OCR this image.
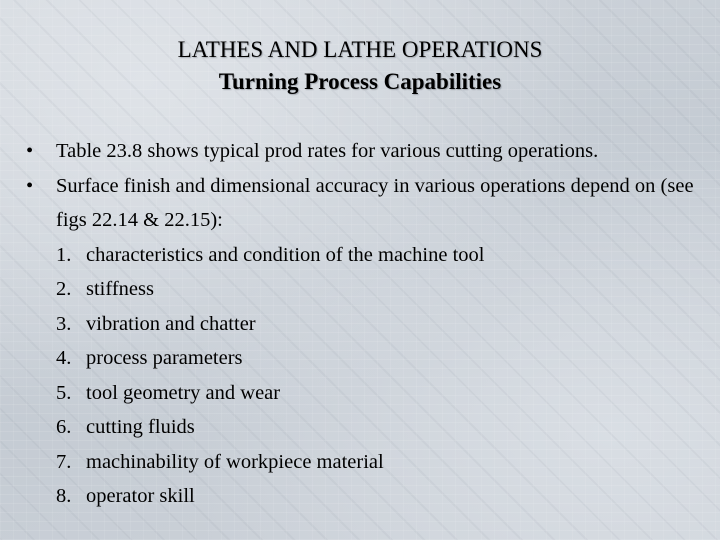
LATHES AND LATHE OPERATIONS
Turning Process Capabilities
•	Table 23.8 shows typical prod rates for various cutting operations.
•	Surface finish and dimensional accuracy in various operations depend on (see figs 22.14 & 22.15):
1. characteristics and condition of the machine tool
2. stiffness
3. vibration and chatter
4. process parameters
5. tool geometry and wear
6. cutting fluids
7. machinability of workpiece material
8. operator skill
